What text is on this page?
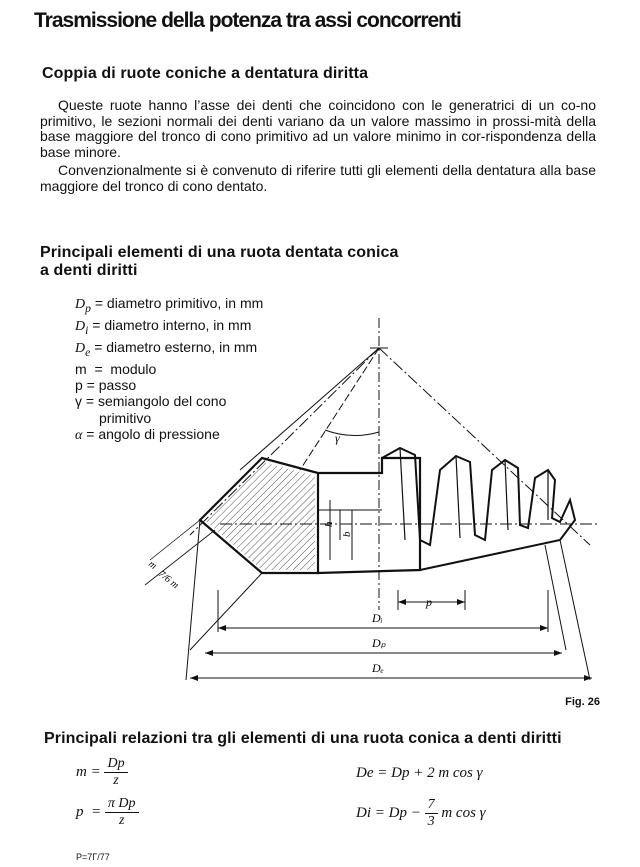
Trasmissione della potenza tra assi concorrenti
Coppia di ruote coniche a dentatura diritta

Queste ruote hanno l’asse dei denti che coincidono con le generatrici di un co-no primitivo, le sezioni normali dei denti variano da un valore massimo in prossi-mità della base maggiore del tronco di cono primitivo ad un valore minimo in cor-rispondenza della base minore.

Convenzionalmente si è convenuto di riferire tutti gli elementi della dentatura alla base maggiore del tronco di cono dentato.

Principali elementi di una ruota dentata conica
a denti diritti
$D_p$ = diametro primitivo, in mm
$D_i$ = diametro interno, in mm
$D_e$ = diametro esterno, in mm
m  =  modulo
p = passo
γ = semiangolo del cono
primitivo
α = angolo di pressione
Dᵢ
Dₚ
Dₑ
p
h
b
γ
m
7/6 m
Fig. 26
Principali relazioni tra gli elementi di una ruota conica a denti diritti
$m = \frac{Dp}{z}$
$p = \frac{\text{π Dp}}{z}$
De = Dp + 2 m cos γ
$Di = Dp - \frac{7}{3}$ m cos γ
P=7Γ/77
